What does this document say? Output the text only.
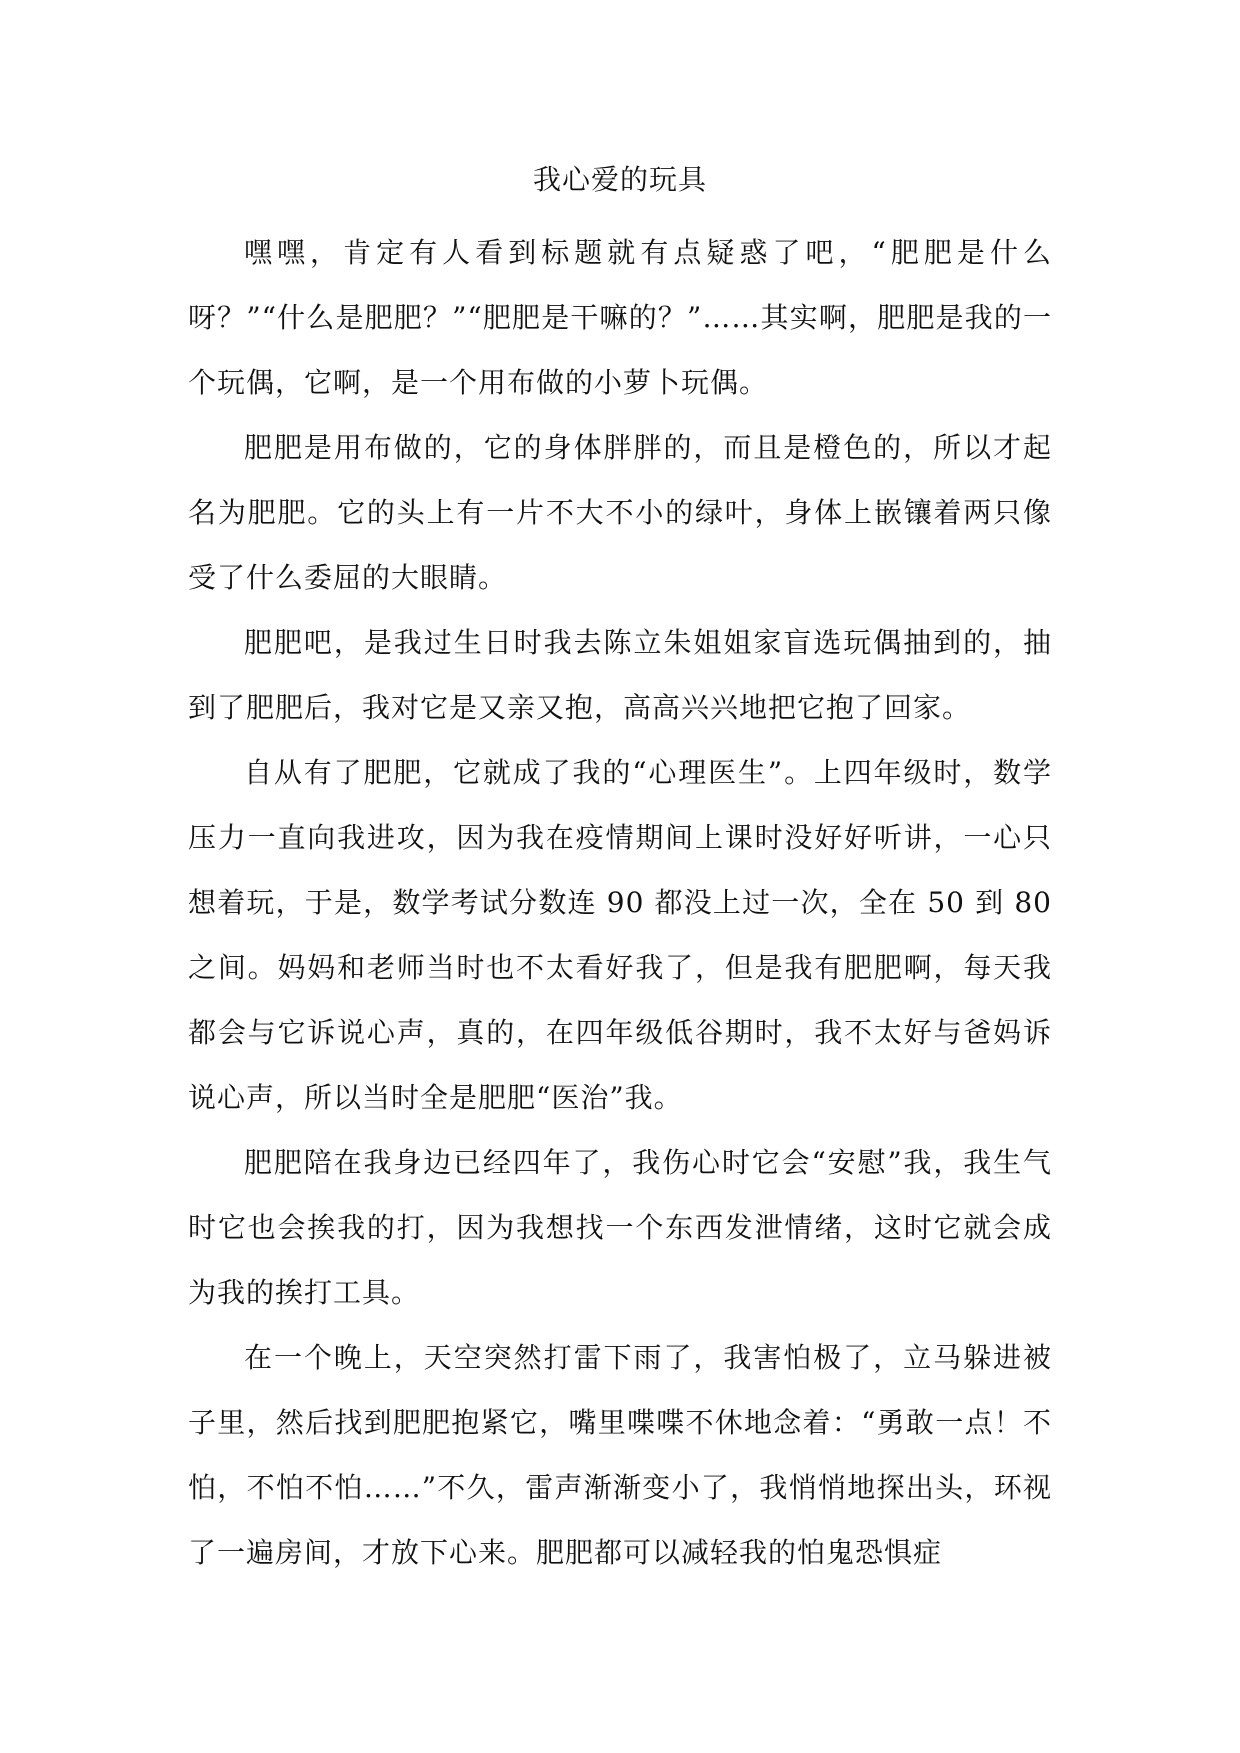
我心爱的玩具

嘿嘿，肯定有人看到标题就有点疑惑了吧，“肥肥是什么呀？”“什么是肥肥？”“肥肥是干嘛的？”……其实啊，肥肥是我的一个玩偶，它啊，是一个用布做的小萝卜玩偶。

肥肥是用布做的，它的身体胖胖的，而且是橙色的，所以才起名为肥肥。它的头上有一片不大不小的绿叶，身体上嵌镶着两只像受了什么委屈的大眼睛。

肥肥吧，是我过生日时我去陈立朱姐姐家盲选玩偶抽到的，抽到了肥肥后，我对它是又亲又抱，高高兴兴地把它抱了回家。

自从有了肥肥，它就成了我的“心理医生”。上四年级时，数学压力一直向我进攻，因为我在疫情期间上课时没好好听讲，一心只想着玩，于是，数学考试分数连 90 都没上过一次，全在 50 到 80 之间。妈妈和老师当时也不太看好我了，但是我有肥肥啊，每天我都会与它诉说心声，真的，在四年级低谷期时，我不太好与爸妈诉说心声，所以当时全是肥肥“医治”我。

肥肥陪在我身边已经四年了，我伤心时它会“安慰”我，我生气时它也会挨我的打，因为我想找一个东西发泄情绪，这时它就会成为我的挨打工具。

在一个晚上，天空突然打雷下雨了，我害怕极了，立马躲进被子里，然后找到肥肥抱紧它，嘴里喋喋不休地念着：“勇敢一点！不怕，不怕不怕……”不久，雷声渐渐变小了，我悄悄地探出头，环视了一遍房间，才放下心来。肥肥都可以减轻我的怕鬼恐惧症
